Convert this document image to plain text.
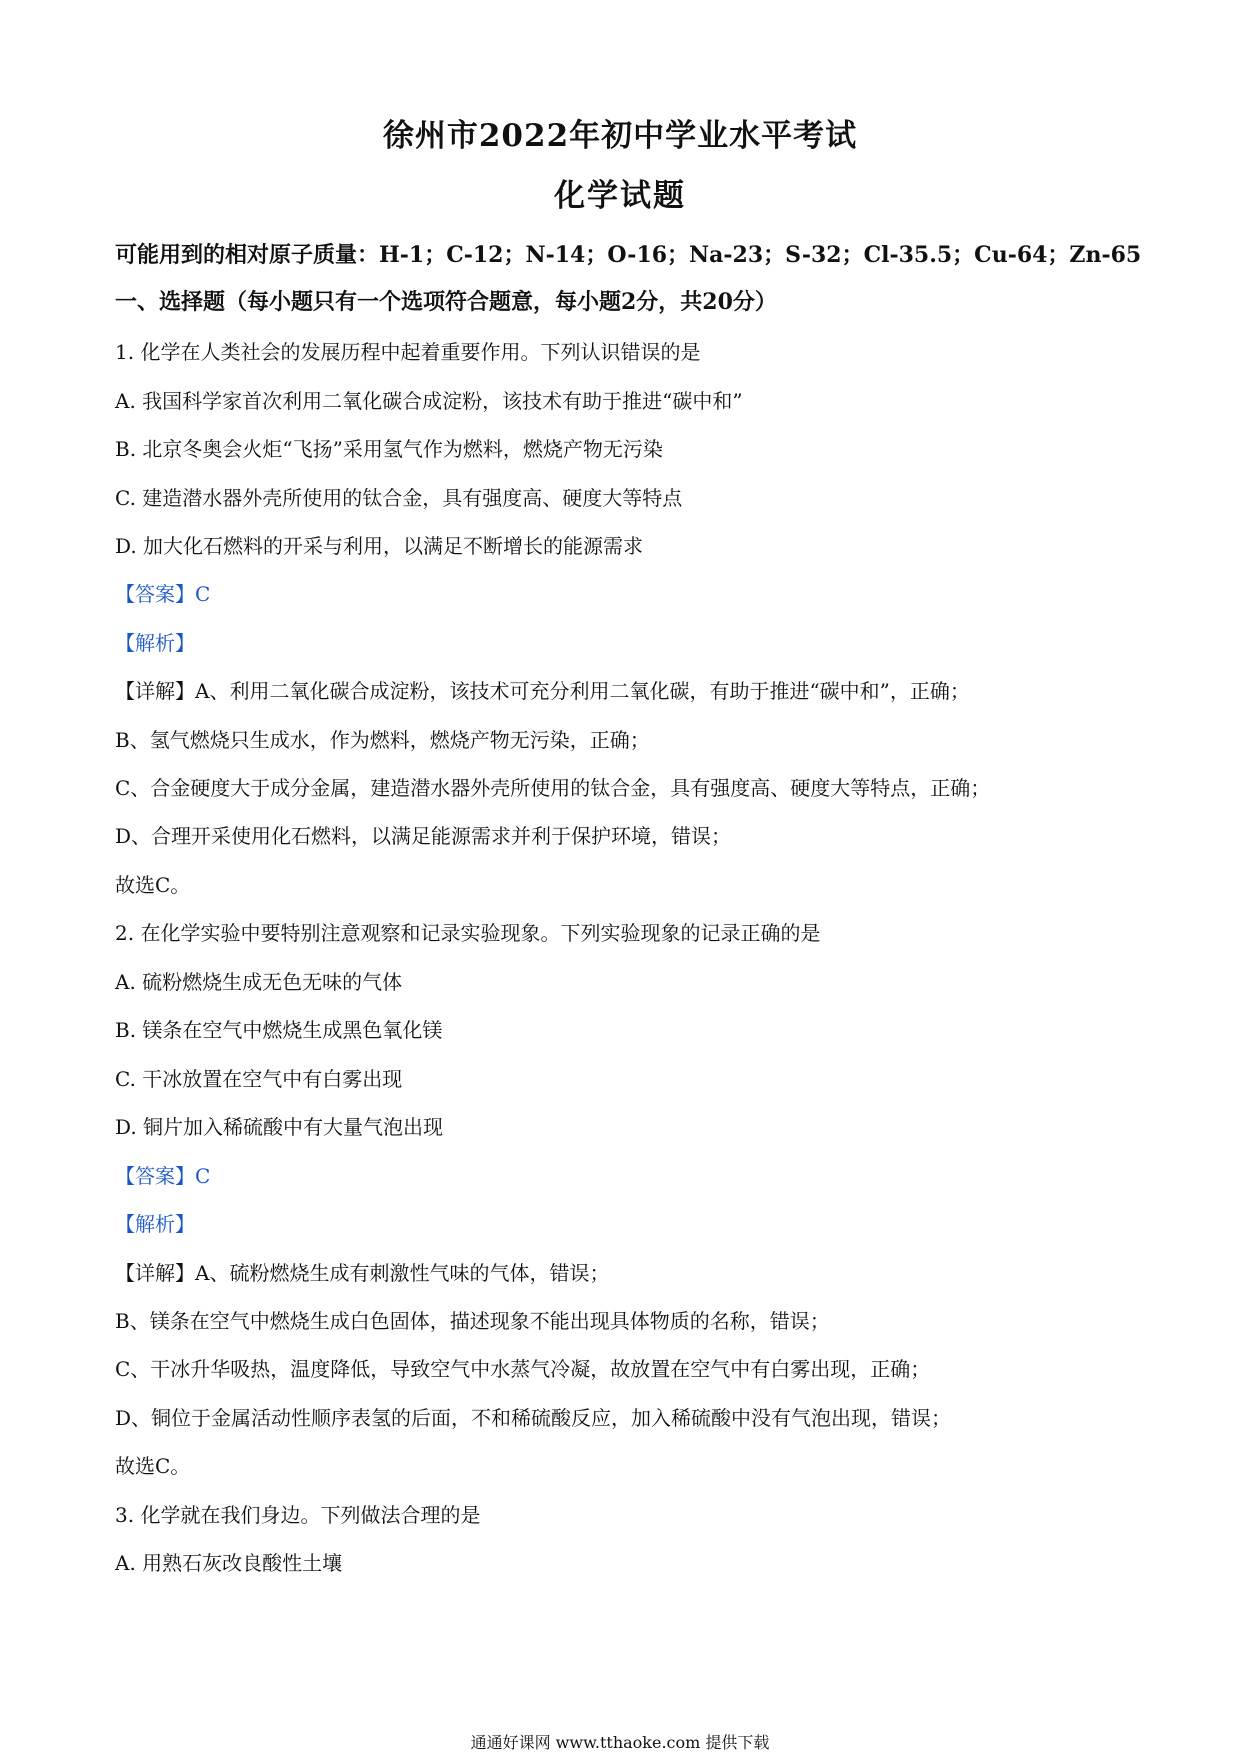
徐州市2022年初中学业水平考试
化学试题
可能用到的相对原子质量：H-1；C-12；N-14；O-16；Na-23；S-32；Cl-35.5；Cu-64；Zn-65
一、选择题（每小题只有一个选项符合题意，每小题2分，共20分）
1. 化学在人类社会的发展历程中起着重要作用。下列认识错误的是
A. 我国科学家首次利用二氧化碳合成淀粉，该技术有助于推进“碳中和”
B. 北京冬奥会火炬“飞扬”采用氢气作为燃料，燃烧产物无污染
C. 建造潜水器外壳所使用的钛合金，具有强度高、硬度大等特点
D. 加大化石燃料的开采与利用，以满足不断增长的能源需求
【答案】C
【解析】
【详解】A、利用二氧化碳合成淀粉，该技术可充分利用二氧化碳，有助于推进“碳中和”，正确；
B、氢气燃烧只生成水，作为燃料，燃烧产物无污染，正确；
C、合金硬度大于成分金属，建造潜水器外壳所使用的钛合金，具有强度高、硬度大等特点，正确；
D、合理开采使用化石燃料，以满足能源需求并利于保护环境，错误；
故选C。
2. 在化学实验中要特别注意观察和记录实验现象。下列实验现象的记录正确的是
A. 硫粉燃烧生成无色无味的气体
B. 镁条在空气中燃烧生成黑色氧化镁
C. 干冰放置在空气中有白雾出现
D. 铜片加入稀硫酸中有大量气泡出现
【答案】C
【解析】
【详解】A、硫粉燃烧生成有刺激性气味的气体，错误；
B、镁条在空气中燃烧生成白色固体，描述现象不能出现具体物质的名称，错误；
C、干冰升华吸热，温度降低，导致空气中水蒸气冷凝，故放置在空气中有白雾出现，正确；
D、铜位于金属活动性顺序表氢的后面，不和稀硫酸反应，加入稀硫酸中没有气泡出现，错误；
故选C。
3. 化学就在我们身边。下列做法合理的是
A. 用熟石灰改良酸性土壤
通通好课网 www.tthaoke.com 提供下载
